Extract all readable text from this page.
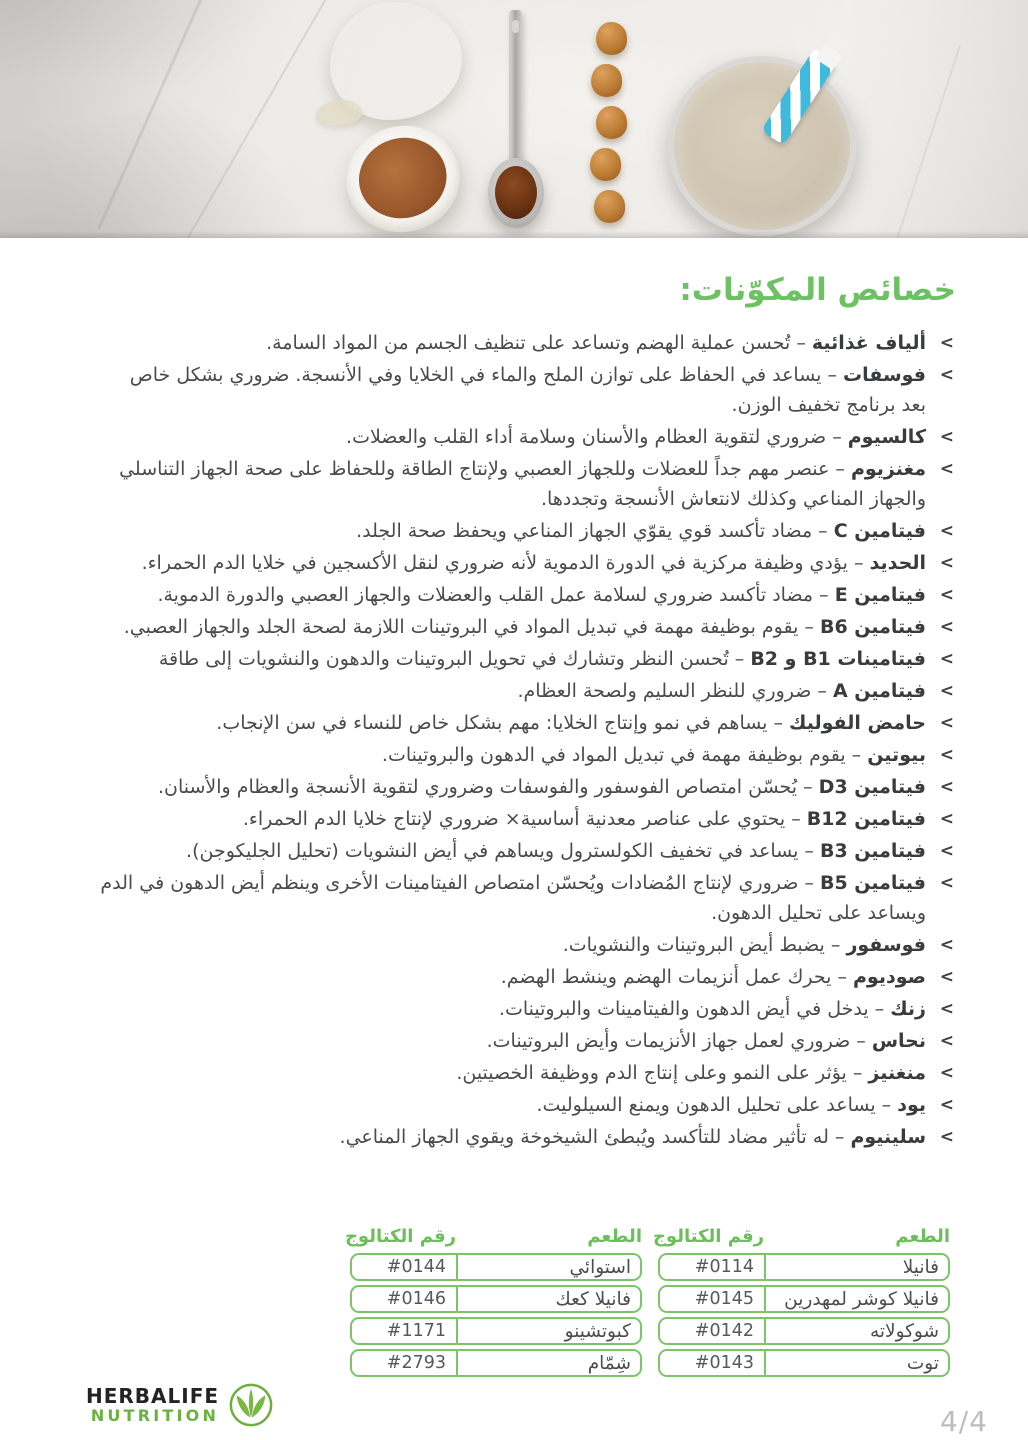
خصائص المكوّنات:
<
ألياف غذائية – تُحسن عملية الهضم وتساعد على تنظيف الجسم من المواد السامة.
<
فوسفات – يساعد في الحفاظ على توازن الملح والماء في الخلايا وفي الأنسجة. ضروري بشكل خاص بعد برنامج تخفيف الوزن.
<
كالسيوم – ضروري لتقوية العظام والأسنان وسلامة أداء القلب والعضلات.
<
مغنزيوم – عنصر مهم جداً للعضلات وللجهاز العصبي ولإنتاج الطاقة وللحفاظ على صحة الجهاز التناسلي والجهاز المناعي وكذلك لانتعاش الأنسجة وتجددها.
<
فيتامين C – مضاد تأكسد قوي يقوّي الجهاز المناعي ويحفظ صحة الجلد.
<
الحديد – يؤدي وظيفة مركزية في الدورة الدموية لأنه ضروري لنقل الأكسجين في خلايا الدم الحمراء.
<
فيتامين E – مضاد تأكسد ضروري لسلامة عمل القلب والعضلات والجهاز العصبي والدورة الدموية.
<
فيتامين B6 – يقوم بوظيفة مهمة في تبديل المواد في البروتينات اللازمة لصحة الجلد والجهاز العصبي.
<
فيتامينات B1 و B2 – تُحسن النظر وتشارك في تحويل البروتينات والدهون والنشويات إلى طاقة
<
فيتامين A – ضروري للنظر السليم ولصحة العظام.
<
حامض الفوليك – يساهم في نمو وإنتاج الخلايا: مهم بشكل خاص للنساء في سن الإنجاب.
<
بيوتين – يقوم بوظيفة مهمة في تبديل المواد في الدهون والبروتينات.
<
فيتامين D3 – يُحسّن امتصاص الفوسفور والفوسفات وضروري لتقوية الأنسجة والعظام والأسنان.
<
فيتامين B12 – يحتوي على عناصر معدنية أساسية× ضروري لإنتاج خلايا الدم الحمراء.
<
فيتامين B3 – يساعد في تخفيف الكولسترول ويساهم في أيض النشويات (تحليل الجليكوجن).
<
فيتامين B5 – ضروري لإنتاج المُضادات ويُحسّن امتصاص الفيتامينات الأخرى وينظم أيض الدهون في الدم ويساعد على تحليل الدهون.
<
فوسفور – يضبط أيض البروتينات والنشويات.
<
صوديوم – يحرك عمل أنزيمات الهضم وينشط الهضم.
<
زنك – يدخل في أيض الدهون والفيتامينات والبروتينات.
<
نحاس – ضروري لعمل جهاز الأنزيمات وأيض البروتينات.
<
منغنيز – يؤثر على النمو وعلى إنتاج الدم ووظيفة الخصيتين.
<
يود – يساعد على تحليل الدهون ويمنع السيلوليت.
<
سلينيوم – له تأثير مضاد للتأكسد ويُبطئ الشيخوخة ويقوي الجهاز المناعي.
الطعم
رقم الكتالوج
فانيلا
#0114
فانيلا كوشر لمهدرين
#0145
شوكولاته
#0142
توت
#0143
الطعم
رقم الكتالوج
استوائي
#0144
فانيلا كعك
#0146
كبوتشينو
#1171
شِمّام
#2793
HERBALIFE
NUTRITION	4/4
